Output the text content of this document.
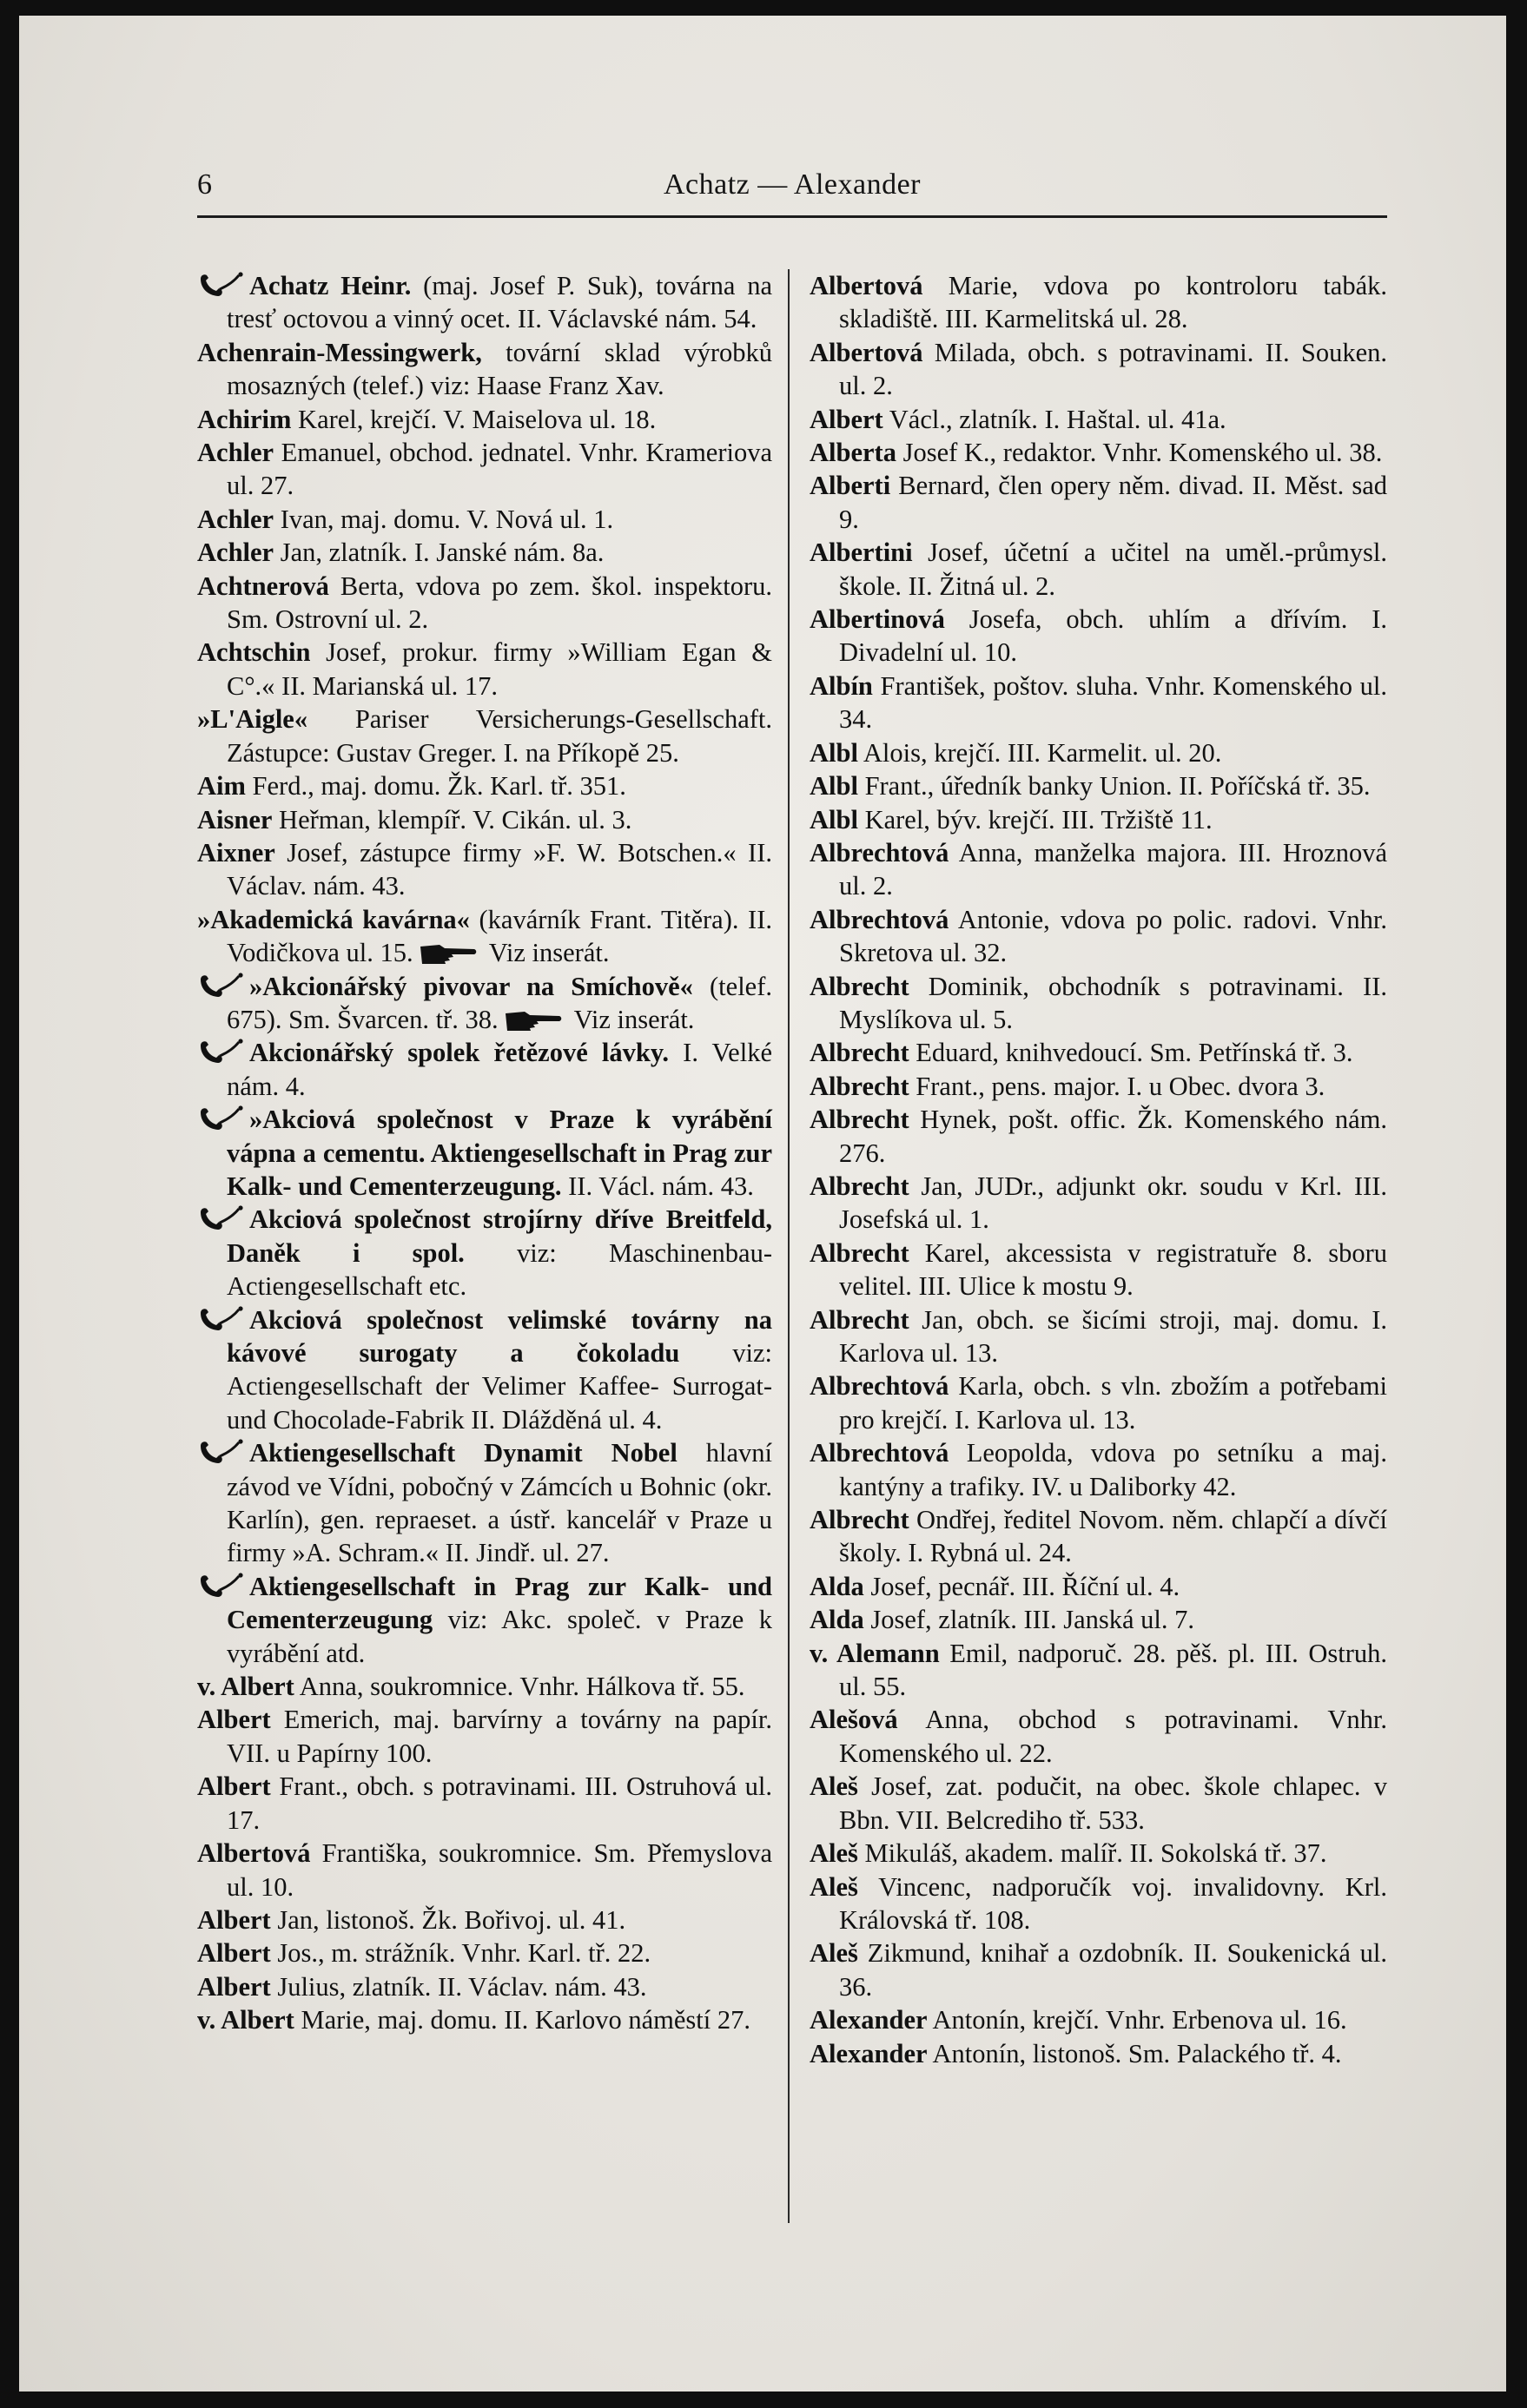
6	Achatz — Alexander

Achatz Heinr. (maj. Josef P. Suk), továrna na tresť octovou a vinný ocet. II. Václavské nám. 54.

Achenrain-Messingwerk, tovární sklad výrobků mosazných (telef.) viz: Haase Franz Xav.

Achirim Karel, krejčí. V. Maiselova ul. 18.

Achler Emanuel, obchod. jednatel. Vnhr. Krameriova ul. 27.

Achler Ivan, maj. domu. V. Nová ul. 1.

Achler Jan, zlatník. I. Janské nám. 8a.

Achtnerová Berta, vdova po zem. škol. inspektoru. Sm. Ostrovní ul. 2.

Achtschin Josef, prokur. firmy »William Egan & C°.« II. Marianská ul. 17.

»L'Aigle« Pariser Versicherungs-Gesellschaft. Zástupce: Gustav Greger. I. na Příkopě 25.

Aim Ferd., maj. domu. Žk. Karl. tř. 351.

Aisner Heřman, klempíř. V. Cikán. ul. 3.

Aixner Josef, zástupce firmy »F. W. Botschen.« II. Václav. nám. 43.

»Akademická kavárna« (kavárník Frant. Titěra). II. Vodičkova ul. 15.	Viz inserát.

»Akcionářský pivovar na Smíchově« (telef. 675). Sm. Švarcen. tř. 38.	Viz inserát.

Akcionářský spolek řetězové lávky. I. Velké nám. 4.

»Akciová společnost v Praze k vyrábění vápna a cementu. Aktiengesellschaft in Prag zur Kalk- und Cementerzeugung. II. Václ. nám. 43.

Akciová společnost strojírny dříve Breitfeld, Daněk i spol. viz: Maschinenbau-Actiengesellschaft etc.

Akciová společnost velimské továrny na kávové surogaty a čokoladu viz: Actiengesellschaft der Velimer Kaffee- Surrogat- und Chocolade-Fabrik II. Dlážděná ul. 4.

Aktiengesellschaft Dynamit Nobel hlavní závod ve Vídni, pobočný v Zámcích u Bohnic (okr. Karlín), gen. repraeset. a ústř. kancelář v Praze u firmy »A. Schram.« II. Jindř. ul. 27.

Aktiengesellschaft in Prag zur Kalk- und Cementerzeugung viz: Akc. společ. v Praze k vyrábění atd.

v. Albert Anna, soukromnice. Vnhr. Hálkova tř. 55.

Albert Emerich, maj. barvírny a továrny na papír. VII. u Papírny 100.

Albert Frant., obch. s potravinami. III. Ostruhová ul. 17.

Albertová Františka, soukromnice. Sm. Přemyslova ul. 10.

Albert Jan, listonoš. Žk. Bořivoj. ul. 41.

Albert Jos., m. strážník. Vnhr. Karl. tř. 22.

Albert Julius, zlatník. II. Václav. nám. 43.

v. Albert Marie, maj. domu. II. Karlovo náměstí 27.

Albertová Marie, vdova po kontroloru tabák. skladiště. III. Karmelitská ul. 28.

Albertová Milada, obch. s potravinami. II. Souken. ul. 2.

Albert Václ., zlatník. I. Haštal. ul. 41a.

Alberta Josef K., redaktor. Vnhr. Komenského ul. 38.

Alberti Bernard, člen opery něm. divad. II. Měst. sad 9.

Albertini Josef, účetní a učitel na uměl.-průmysl. škole. II. Žitná ul. 2.

Albertinová Josefa, obch. uhlím a dřívím. I. Divadelní ul. 10.

Albín František, poštov. sluha. Vnhr. Komenského ul. 34.

Albl Alois, krejčí. III. Karmelit. ul. 20.

Albl Frant., úředník banky Union. II. Poříčská tř. 35.

Albl Karel, býv. krejčí. III. Tržiště 11.

Albrechtová Anna, manželka majora. III. Hroznová ul. 2.

Albrechtová Antonie, vdova po polic. radovi. Vnhr. Skretova ul. 32.

Albrecht Dominik, obchodník s potravinami. II. Myslíkova ul. 5.

Albrecht Eduard, knihvedoucí. Sm. Petřínská tř. 3.

Albrecht Frant., pens. major. I. u Obec. dvora 3.

Albrecht Hynek, pošt. offic. Žk. Komenského nám. 276.

Albrecht Jan, JUDr., adjunkt okr. soudu v Krl. III. Josefská ul. 1.

Albrecht Karel, akcessista v registratuře 8. sboru velitel. III. Ulice k mostu 9.

Albrecht Jan, obch. se šicími stroji, maj. domu. I. Karlova ul. 13.

Albrechtová Karla, obch. s vln. zbožím a potřebami pro krejčí. I. Karlova ul. 13.

Albrechtová Leopolda, vdova po setníku a maj. kantýny a trafiky. IV. u Daliborky 42.

Albrecht Ondřej, ředitel Novom. něm. chlapčí a dívčí školy. I. Rybná ul. 24.

Alda Josef, pecnář. III. Říční ul. 4.

Alda Josef, zlatník. III. Janská ul. 7.

v. Alemann Emil, nadporuč. 28. pěš. pl. III. Ostruh. ul. 55.

Alešová Anna, obchod s potravinami. Vnhr. Komenského ul. 22.

Aleš Josef, zat. podučit, na obec. škole chlapec. v Bbn. VII. Belcrediho tř. 533.

Aleš Mikuláš, akadem. malíř. II. Sokolská tř. 37.

Aleš Vincenc, nadporučík voj. invalidovny. Krl. Královská tř. 108.

Aleš Zikmund, knihař a ozdobník. II. Soukenická ul. 36.

Alexander Antonín, krejčí. Vnhr. Erbenova ul. 16.

Alexander Antonín, listonoš. Sm. Palackého tř. 4.
